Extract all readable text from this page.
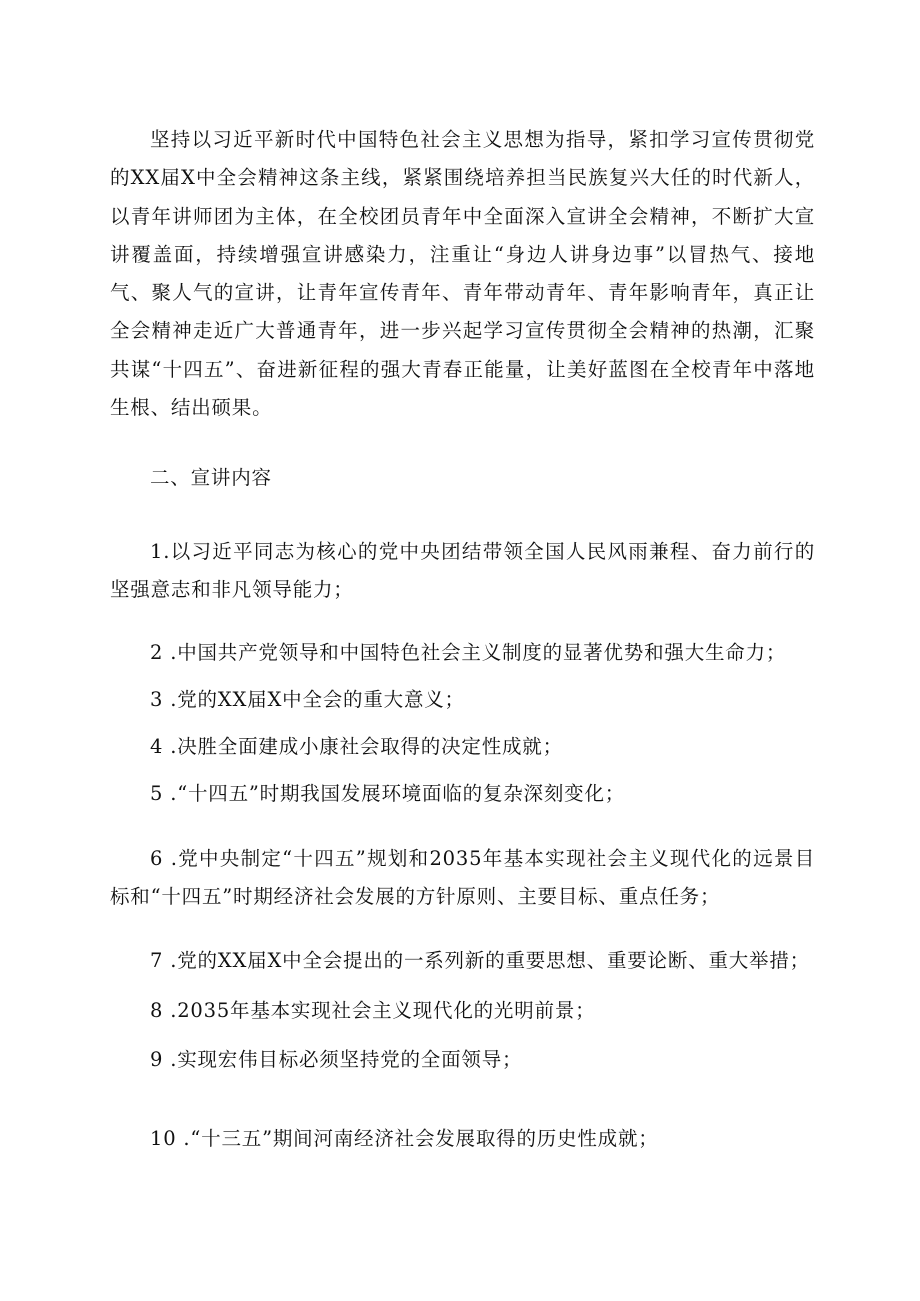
坚持以习近平新时代中国特色社会主义思想为指导，紧扣学习宣传贯彻党的XX届X中全会精神这条主线，紧紧围绕培养担当民族复兴大任的时代新人，以青年讲师团为主体，在全校团员青年中全面深入宣讲全会精神，不断扩大宣讲覆盖面，持续增强宣讲感染力，注重让“身边人讲身边事”以冒热气、接地气、聚人气的宣讲，让青年宣传青年、青年带动青年、青年影响青年，真正让全会精神走近广大普通青年，进一步兴起学习宣传贯彻全会精神的热潮，汇聚共谋“十四五”、奋进新征程的强大青春正能量，让美好蓝图在全校青年中落地生根、结出硕果。

二、宣讲内容

1.以习近平同志为核心的党中央团结带领全国人民风雨兼程、奋力前行的坚强意志和非凡领导能力；

2 .中国共产党领导和中国特色社会主义制度的显著优势和强大生命力；

3 .党的XX届X中全会的重大意义；

4 .决胜全面建成小康社会取得的决定性成就；

5 .“十四五”时期我国发展环境面临的复杂深刻变化；

6 .党中央制定“十四五”规划和2035年基本实现社会主义现代化的远景目标和“十四五”时期经济社会发展的方针原则、主要目标、重点任务；

7 .党的XX届X中全会提出的一系列新的重要思想、重要论断、重大举措；

8 .2035年基本实现社会主义现代化的光明前景；

9 .实现宏伟目标必须坚持党的全面领导；

10 .“十三五”期间河南经济社会发展取得的历史性成就；
